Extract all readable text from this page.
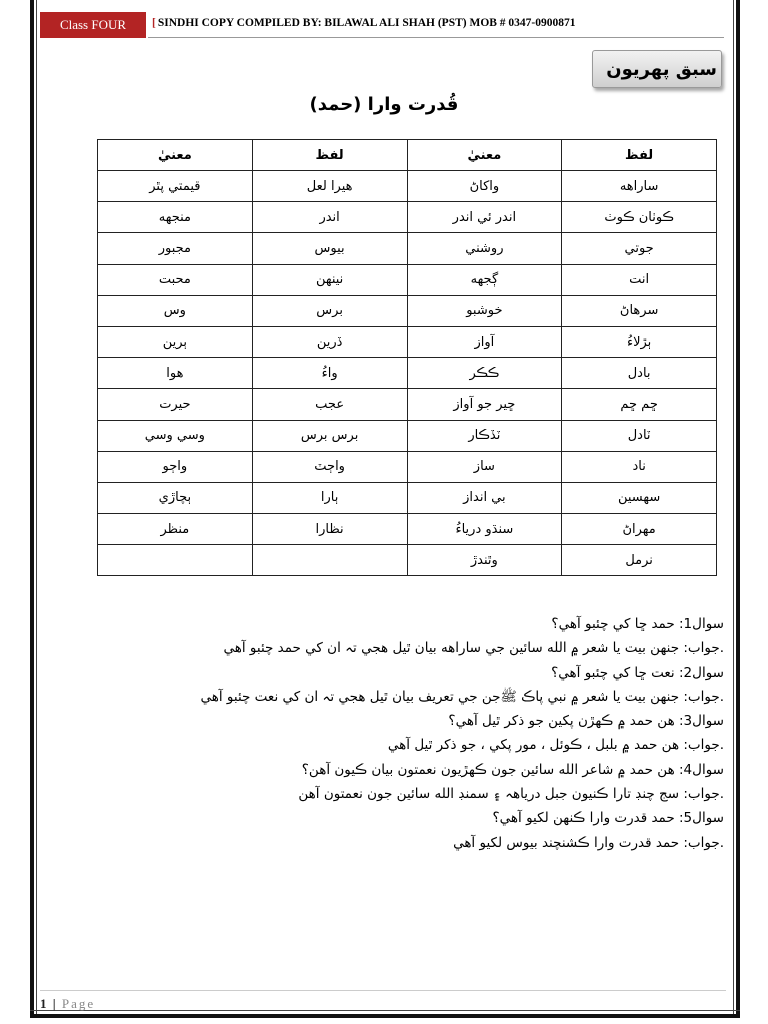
Class FOUR	[ SINDHI COPY COMPILED BY: BILAWAL ALI SHAH (PST) MOB # 0347-0900871
سبق پهريون
قُدرت وارا (حمد)
لفظ	معنيٰ	لفظ	معنيٰ
ساراهه	واکاڻ	هيرا لعل	قيمتي پٿر
ڪوٺان ڪوٺ	اندر ئي اندر	اندر	منجهه
جوتي	روشني	بيوس	مجبور
انت	ڳجهه	نينهن	محبت
سرهاڻ	خوشبو	برس	وس
ٻڙلاءُ	آواز	ڏرين	ٻرين
بادل	ڪڪر	واءُ	هوا
ڇم ڇم	ڇير جو آواز	عجب	حيرت
ٽادل	ٽڏڪار	برس برس	وسي وسي
ناد	ساز	واڄٽ	واڄو
سهسين	بي انداز	ٻارا	ٻچاڙي
مهراڻ	سنڌو درياءُ	نظارا	منظر
نرمل	وٿندڙ		
سوال1: حمد ڇا کي چئبو آهي؟
.جواب: جنهن بيت يا شعر ۾ الله سائين جي ساراهه بيان ٿيل هجي تہ ان کي حمد چئبو آهي
سوال2: نعت ڇا کي چئبو آهي؟
.جواب: جنهن بيت يا شعر ۾ نبي پاڪ ﷺجن جي تعريف بيان ٿيل هجي تہ ان کي نعت چئبو آهي
سوال3: هن حمد ۾ ڪهڙن پکين جو ذکر ٿيل آهي؟
.جواب: هن حمد ۾ بلبل ، ڪوئل ، مور پکي ، جو ذکر ٿيل آهي
سوال4: هن حمد ۾ شاعر الله سائين جون ڪهڙيون نعمتون بيان ڪيون آهن؟
.جواب: سج چنڊ تارا ڪنيون جبل درياهہ ۽ سمنڊ الله سائين جون نعمتون آهن
سوال5: حمد قدرت وارا ڪنهن لکيو آهي؟
.جواب: حمد قدرت وارا ڪشنچند بيوس لکيو آهي
1 | Page
